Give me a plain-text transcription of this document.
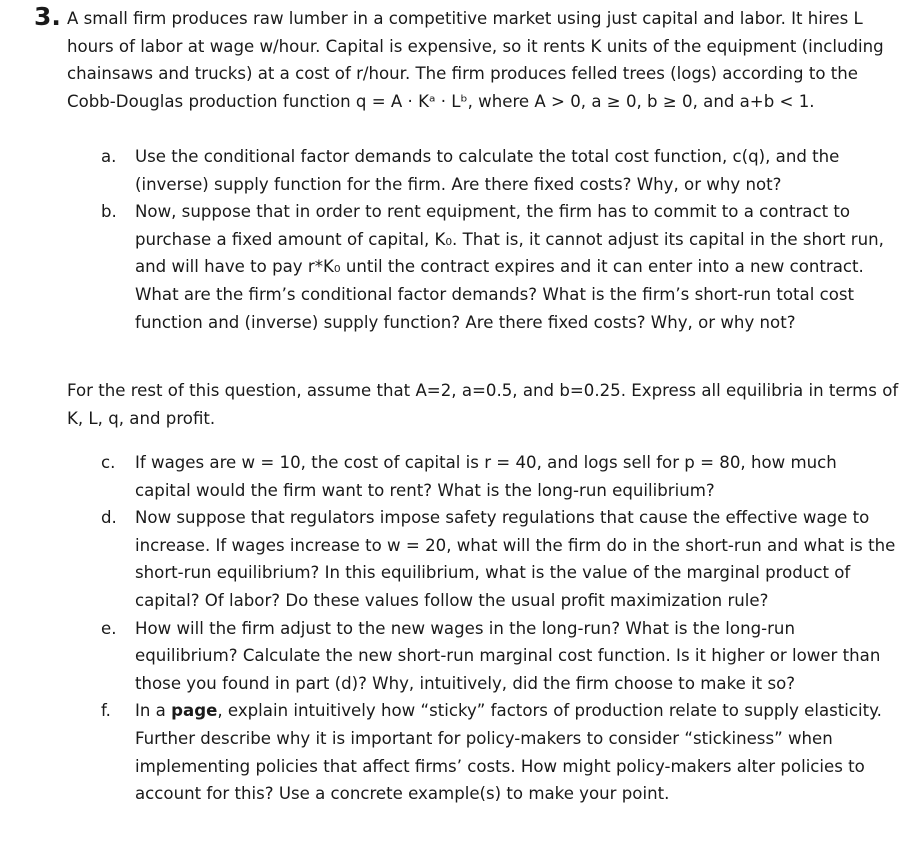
3. A small firm produces raw lumber in a competitive market using just capital and labor. It hires L hours of labor at wage w/hour. Capital is expensive, so it rents K units of the equipment (including chainsaws and trucks) at a cost of r/hour. The firm produces felled trees (logs) according to the Cobb-Douglas production function q = A · Kᵃ · Lᵇ, where A > 0, a ≥ 0, b ≥ 0, and a+b < 1.

a. Use the conditional factor demands to calculate the total cost function, c(q), and the (inverse) supply function for the firm. Are there fixed costs? Why, or why not?
b. Now, suppose that in order to rent equipment, the firm has to commit to a contract to purchase a fixed amount of capital, K₀. That is, it cannot adjust its capital in the short run, and will have to pay r*K₀ until the contract expires and it can enter into a new contract. What are the firm’s conditional factor demands? What is the firm’s short-run total cost function and (inverse) supply function? Are there fixed costs? Why, or why not?

For the rest of this question, assume that A=2, a=0.5, and b=0.25. Express all equilibria in terms of K, L, q, and profit.

c. If wages are w = 10, the cost of capital is r = 40, and logs sell for p = 80, how much capital would the firm want to rent? What is the long-run equilibrium?
d. Now suppose that regulators impose safety regulations that cause the effective wage to increase. If wages increase to w = 20, what will the firm do in the short-run and what is the short-run equilibrium? In this equilibrium, what is the value of the marginal product of capital? Of labor? Do these values follow the usual profit maximization rule?
e. How will the firm adjust to the new wages in the long-run? What is the long-run equilibrium? Calculate the new short-run marginal cost function. Is it higher or lower than those you found in part (d)? Why, intuitively, did the firm choose to make it so?
f. In a page, explain intuitively how “sticky” factors of production relate to supply elasticity. Further describe why it is important for policy-makers to consider “stickiness” when implementing policies that affect firms’ costs. How might policy-makers alter policies to account for this? Use a concrete example(s) to make your point.
